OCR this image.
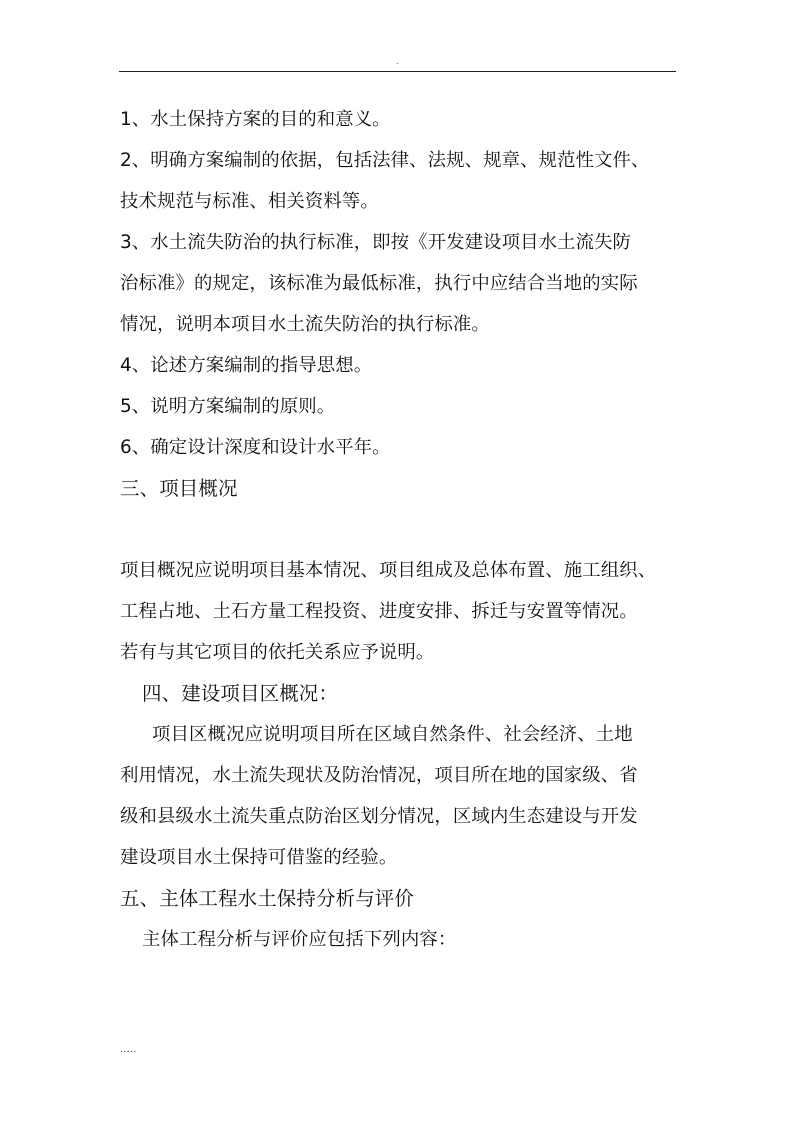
.

1、水土保持方案的目的和意义。

2、明确方案编制的依据，包括法律、法规、规章、规范性文件、

技术规范与标准、相关资料等。

3、水土流失防治的执行标准，即按《开发建设项目水土流失防

治标准》的规定，该标准为最低标准，执行中应结合当地的实际

情况，说明本项目水土流失防治的执行标准。

4、论述方案编制的指导思想。

5、说明方案编制的原则。

6、确定设计深度和设计水平年。

三、项目概况

项目概况应说明项目基本情况、项目组成及总体布置、施工组织、

工程占地、土石方量工程投资、进度安排、拆迁与安置等情况。

若有与其它项目的依托关系应予说明。

四、建设项目区概况：

项目区概况应说明项目所在区域自然条件、社会经济、土地

利用情况，水土流失现状及防治情况，项目所在地的国家级、省

级和县级水土流失重点防治区划分情况，区域内生态建设与开发

建设项目水土保持可借鉴的经验。

五、主体工程水土保持分析与评价

主体工程分析与评价应包括下列内容：

.....
